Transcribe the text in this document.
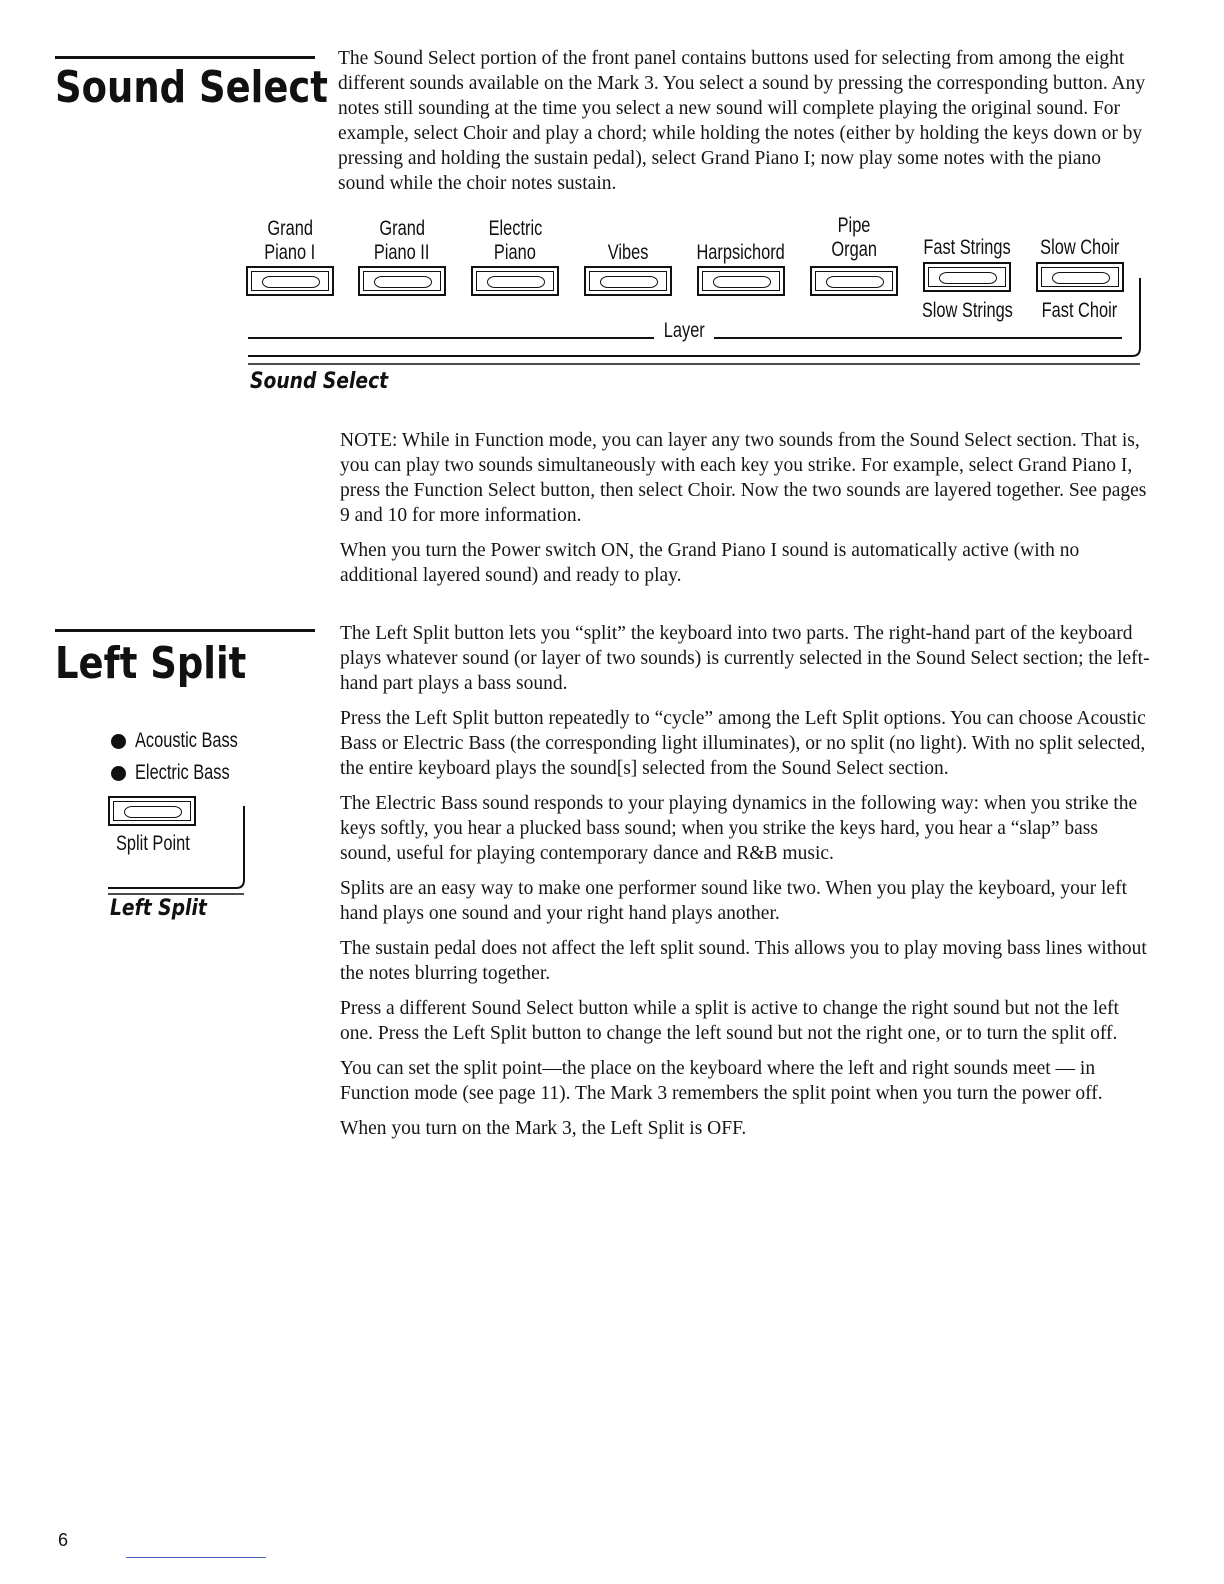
Sound Select

The Sound Select portion of the front panel contains buttons used for selecting from among the eight different sounds available on the Mark 3. You select a sound by pressing the corresponding button. Any notes still sounding at the time you select a new sound will complete playing the original sound. For example, select Choir and play a chord; while holding the notes (either by holding the keys down or by pressing and holding the sustain pedal), select Grand Piano I; now play some notes with the piano sound while the choir notes sustain.

Grand
Piano I
Grand
Piano II
Electric
Piano	Vibes	Harpsichord
Pipe
Organ	Fast Strings	Slow Choir
Slow Strings	Fast Choir
Layer
Sound Select

NOTE: While in Function mode, you can layer any two sounds from the Sound Select section. That is, you can play two sounds simultaneously with each key you strike. For example, select Grand Piano I, press the Function Select button, then select Choir. Now the two sounds are layered together. See pages 9 and 10 for more information.

When you turn the Power switch ON, the Grand Piano I sound is automatically active (with no additional layered sound) and ready to play.

Left Split
Acoustic Bass
Electric Bass
Split Point
Left Split

The Left Split button lets you “split” the keyboard into two parts. The right-hand part of the keyboard plays whatever sound (or layer of two sounds) is currently selected in the Sound Select section; the left-hand part plays a bass sound.

Press the Left Split button repeatedly to “cycle” among the Left Split options. You can choose Acoustic Bass or Electric Bass (the corresponding light illuminates), or no split (no light). With no split selected, the entire keyboard plays the sound[s] selected from the Sound Select section.

The Electric Bass sound responds to your playing dynamics in the following way: when you strike the keys softly, you hear a plucked bass sound; when you strike the keys hard, you hear a “slap” bass sound, useful for playing contemporary dance and R&B music.

Splits are an easy way to make one performer sound like two. When you play the keyboard, your left hand plays one sound and your right hand plays another.

The sustain pedal does not affect the left split sound. This allows you to play moving bass lines without the notes blurring together.

Press a different Sound Select button while a split is active to change the right sound but not the left one. Press the Left Split button to change the left sound but not the right one, or to turn the split off.

You can set the split point—the place on the keyboard where the left and right sounds meet — in Function mode (see page 11). The Mark 3 remembers the split point when you turn the power off.

When you turn on the Mark 3, the Left Split is OFF.

6
